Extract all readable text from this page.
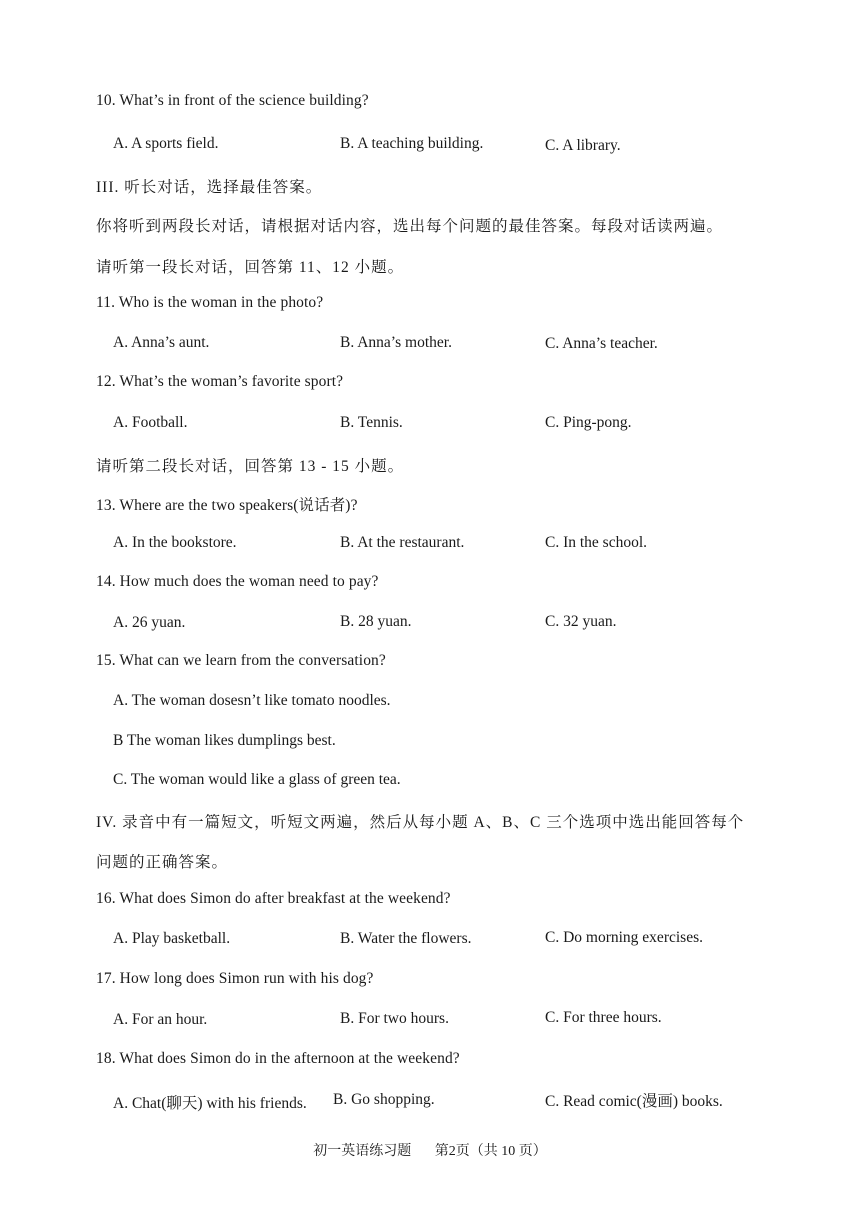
10. What’s in front of the science building?
A. A sports field.	B. A teaching building.	C. A library.
III. 听长对话，选择最佳答案。
你将听到两段长对话，请根据对话内容，选出每个问题的最佳答案。每段对话读两遍。
请听第一段长对话，回答第 11、12 小题。
11. Who is the woman in the photo?
A. Anna’s aunt.	B. Anna’s mother.	C. Anna’s teacher.
12. What’s the woman’s favorite sport?
A. Football.	B. Tennis.	C. Ping-pong.
请听第二段长对话，回答第 13 - 15 小题。
13. Where are the two speakers(说话者)?
A. In the bookstore.	B. At the restaurant.	C. In the school.
14. How much does the woman need to pay?
A. 26 yuan.	B. 28 yuan.	C. 32 yuan.
15. What can we learn from the conversation?
A. The woman dosesn’t like tomato noodles.
B The woman likes dumplings best.
C. The woman would like a glass of green tea.
IV. 录音中有一篇短文，听短文两遍，然后从每小题 A、B、C 三个选项中选出能回答每个
问题的正确答案。
16. What does Simon do after breakfast at the weekend?
A. Play basketball.	B. Water the flowers.	C. Do morning exercises.
17. How long does Simon run with his dog?
A. For an hour.	B. For two hours.	C. For three hours.
18. What does Simon do in the afternoon at the weekend?
A. Chat(聊天) with his friends. B. Go shopping.	C. Read comic(漫画) books.
初一英语练习题 第2页（共 10 页）
